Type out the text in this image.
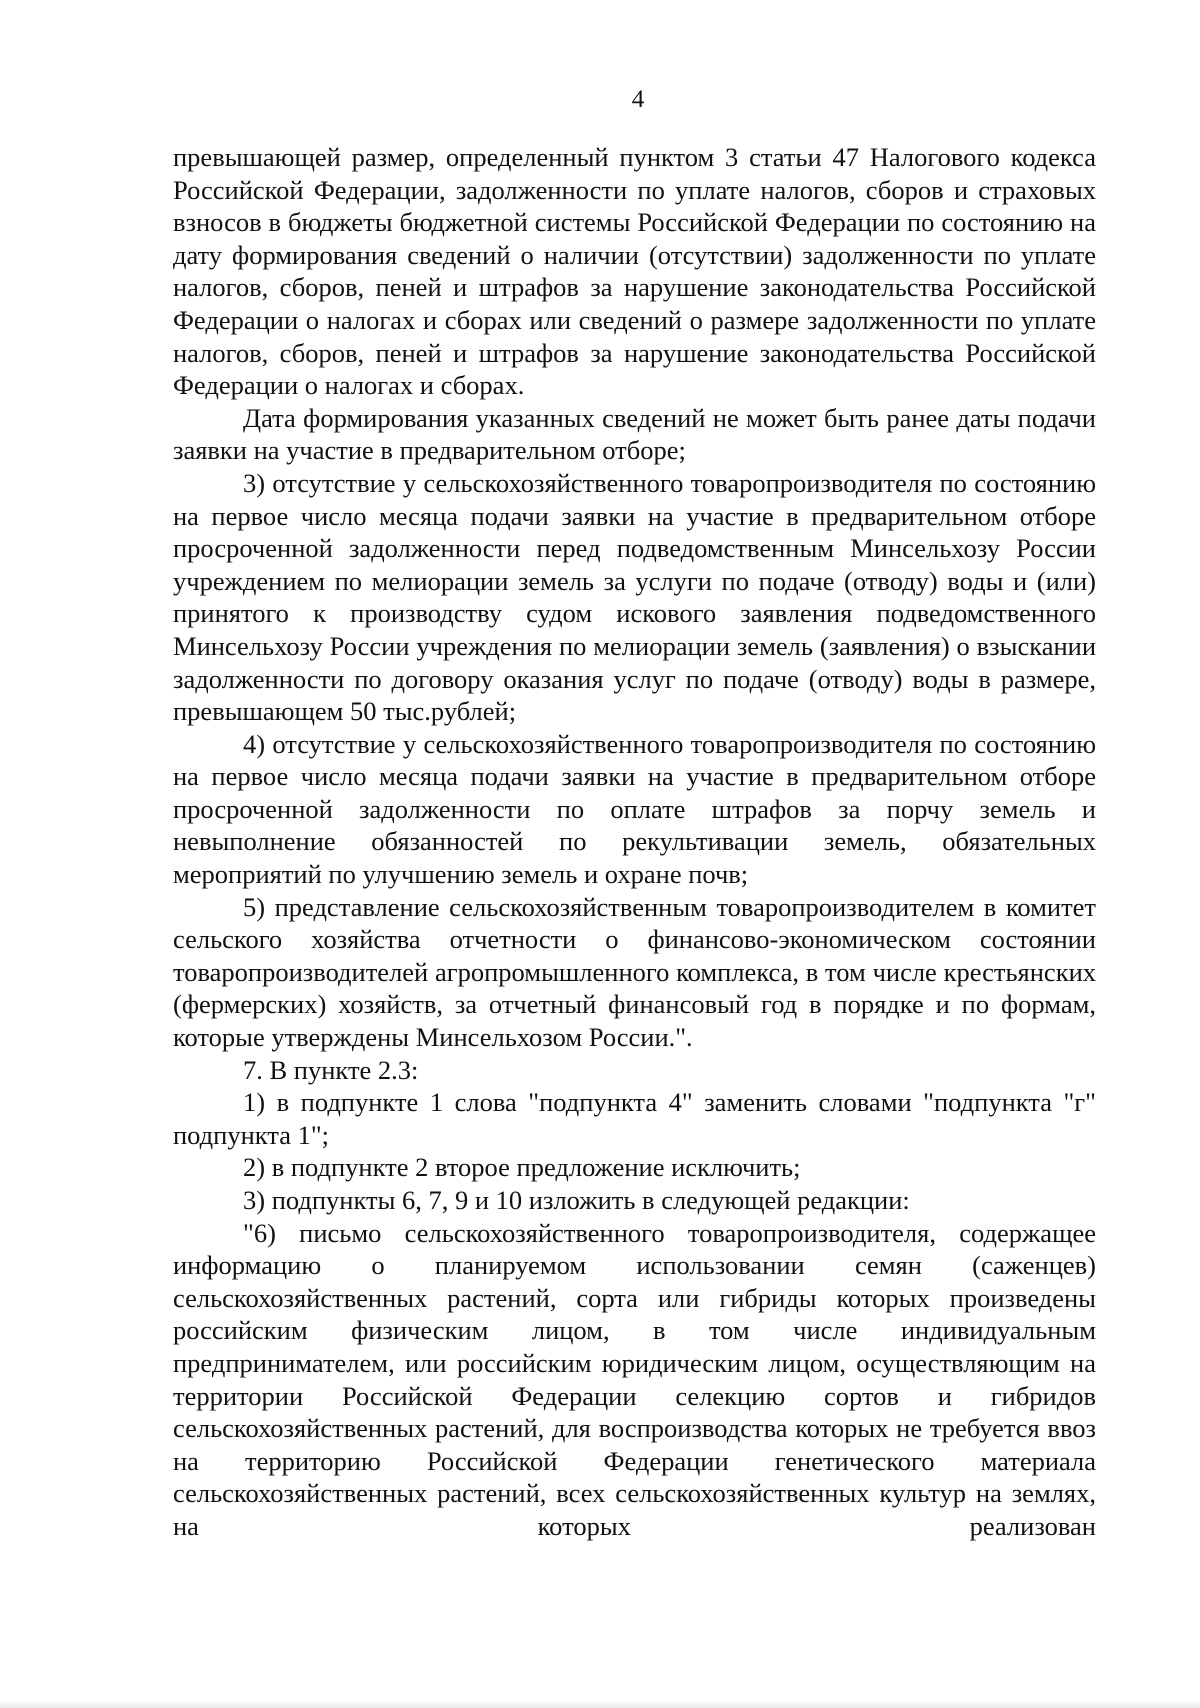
4

превышающей размер, определенный пунктом 3 статьи 47 Налогового кодекса Российской Федерации, задолженности по уплате налогов, сборов и страховых взносов в бюджеты бюджетной системы Российской Федерации по состоянию на дату формирования сведений о наличии (отсутствии) задолженности по уплате налогов, сборов, пеней и штрафов за нарушение законодательства Российской Федерации о налогах и сборах или сведений о размере задолженности по уплате налогов, сборов, пеней и штрафов за нарушение законодательства Российской Федерации о налогах и сборах.

Дата формирования указанных сведений не может быть ранее даты подачи заявки на участие в предварительном отборе;

3) отсутствие у сельскохозяйственного товаропроизводителя по состоянию на первое число месяца подачи заявки на участие в предварительном отборе просроченной задолженности перед подведомственным Минсельхозу России учреждением по мелиорации земель за услуги по подаче (отводу) воды и (или) принятого к производству судом искового заявления подведомственного Минсельхозу России учреждения по мелиорации земель (заявления) о взыскании задолженности по договору оказания услуг по подаче (отводу) воды в размере, превышающем 50 тыс.рублей;

4) отсутствие у сельскохозяйственного товаропроизводителя по состоянию на первое число месяца подачи заявки на участие в предварительном отборе просроченной задолженности по оплате штрафов за порчу земель и невыполнение обязанностей по рекультивации земель, обязательных мероприятий по улучшению земель и охране почв;

5) представление сельскохозяйственным товаропроизводителем в комитет сельского хозяйства отчетности о финансово-экономическом состоянии товаропроизводителей агропромышленного комплекса, в том числе крестьянских (фермерских) хозяйств, за отчетный финансовый год в порядке и по формам, которые утверждены Минсельхозом России.".

7. В пункте 2.3:

1) в подпункте 1 слова "подпункта 4" заменить словами "подпункта "г" подпункта 1";

2) в подпункте 2 второе предложение исключить;

3) подпункты 6, 7, 9 и 10 изложить в следующей редакции:

"6) письмо сельскохозяйственного товаропроизводителя, содержащее информацию о планируемом использовании семян (саженцев) сельскохозяйственных растений, сорта или гибриды которых произведены российским физическим лицом, в том числе индивидуальным предпринимателем, или российским юридическим лицом, осуществляющим на территории Российской Федерации селекцию сортов и гибридов сельскохозяйственных растений, для воспроизводства которых не требуется ввоз на территорию Российской Федерации генетического материала сельскохозяйственных растений, всех сельскохозяйственных культур на землях, на которых реализован
